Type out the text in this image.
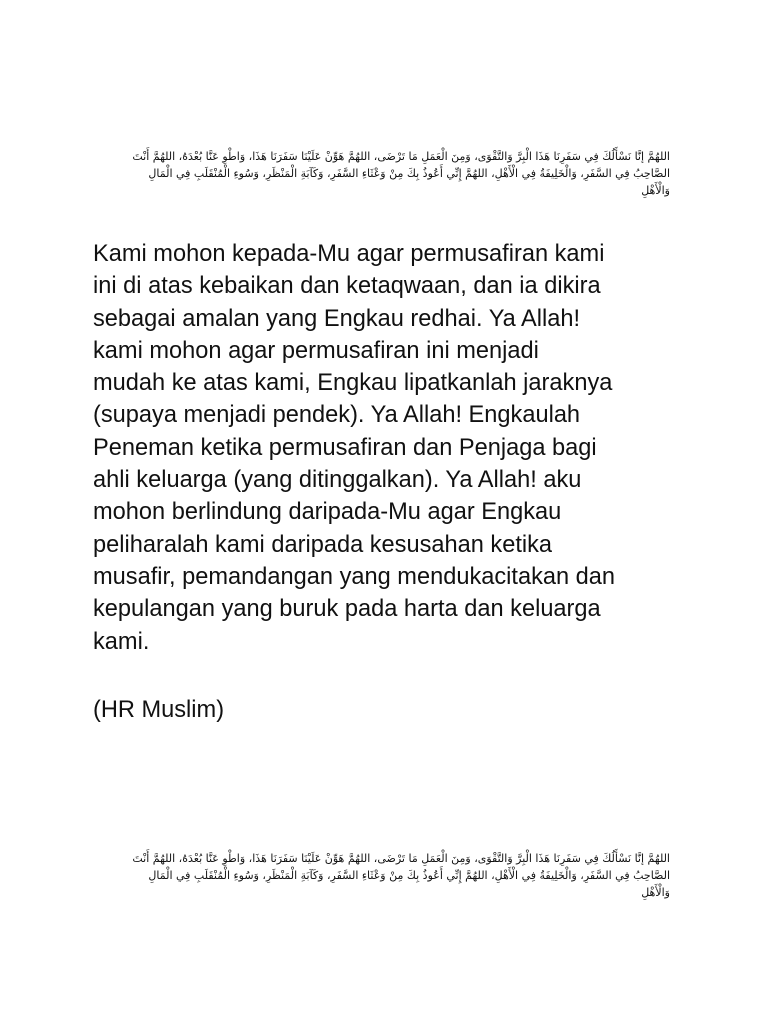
اللهُمَّ إنَّا نَسْأَلُكَ فِي سَفَرِنَا هَذَا الْبِرَّ وَالتَّقْوَى، وَمِنَ الْعَمَلِ مَا تَرْضَى، اللهُمَّ هَوِّنْ عَلَيْنَا سَفَرَنَا هَذَا، وَاطْوِ عَنَّا بُعْدَهُ، اللهُمَّ أَنْتَ
الصَّاحِبُ فِي السَّفَرِ، وَالْخَلِيفَةُ فِي الْأَهْلِ، اللهُمَّ إِنِّي أَعُوذُ بِكَ مِنْ وَعْثَاءِ السَّفَرِ، وَكَآبَةِ الْمَنْظَرِ، وَسُوءِ الْمُنْقَلَبِ فِي الْمَالِ
وَالْأَهْلِ
Kami mohon kepada-Mu agar permusafiran kami
ini di atas kebaikan dan ketaqwaan, dan ia dikira
sebagai amalan yang Engkau redhai. Ya Allah!
kami mohon agar permusafiran ini menjadi
mudah ke atas kami, Engkau lipatkanlah jaraknya
(supaya menjadi pendek). Ya Allah! Engkaulah
Peneman ketika permusafiran dan Penjaga bagi
ahli keluarga (yang ditinggalkan). Ya Allah! aku
mohon berlindung daripada-Mu agar Engkau
peliharalah kami daripada kesusahan ketika
musafir, pemandangan yang mendukacitakan dan
kepulangan yang buruk pada harta dan keluarga
kami.

(HR Muslim)

اللهُمَّ إنَّا نَسْأَلُكَ فِي سَفَرِنَا هَذَا الْبِرَّ وَالتَّقْوَى، وَمِنَ الْعَمَلِ مَا تَرْضَى، اللهُمَّ هَوِّنْ عَلَيْنَا سَفَرَنَا هَذَا، وَاطْوِ عَنَّا بُعْدَهُ، اللهُمَّ أَنْتَ
الصَّاحِبُ فِي السَّفَرِ، وَالْخَلِيفَةُ فِي الْأَهْلِ، اللهُمَّ إِنِّي أَعُوذُ بِكَ مِنْ وَعْثَاءِ السَّفَرِ، وَكَآبَةِ الْمَنْظَرِ، وَسُوءِ الْمُنْقَلَبِ فِي الْمَالِ
وَالْأَهْلِ
